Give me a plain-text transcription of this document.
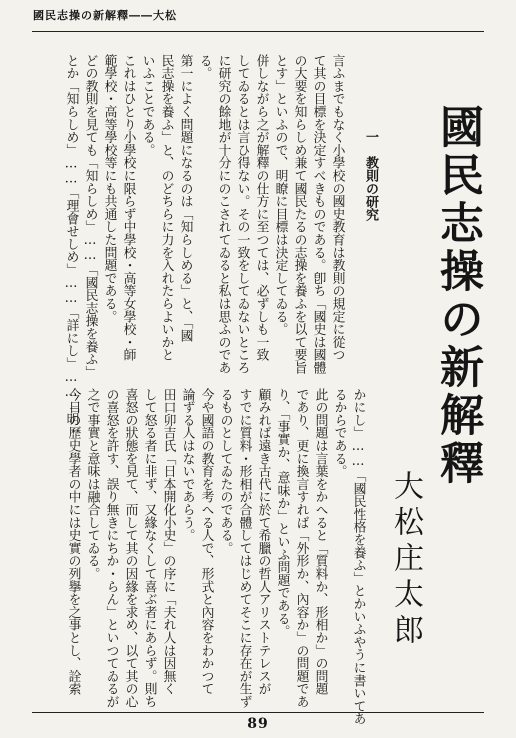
國民志操の新解釋――大松
國民志操の新解釋
大松庄太郎
一　教則の研究
言ふまでもなく小學校の國史教育は教則の規定に從つ
て其の目標を決定すべきものである。卽ち「國史は國體
の大要を知らしめ兼て國民たるの志操を養ふを以て要旨
とす」といふので、明瞭に目標は決定してゐる。
併しながら之が解釋の仕方に至つては、必ずしも一致
してゐるとは言ひ得ない。その一致をしてゐないところ
に研究の餘地が十分にのこされてゐると私は思ふのであ
る。
第一によく問題になるのは「知らしめる」と、「國
民志操を養ふ」と、のどちらに力を入れたらよいかと
いふことである。
これはひとり小學校に限らず中學校・高等女學校・師
範學校・高等學校等にも共通した問題である。
どの教則を見ても「知らしめ」……「國民志操を養ふ」
とか「知らしめ」……「理會せしめ」……「詳にし」……「明
かにし」……「國民性格を養ふ」とかいふやうに書いてあ
るからである。
此の問題は言葉をかへると「質料か、形相か」の問題
であり、更に換言すれば「外形か、內容か」の問題であ
り、「事實か、意味か」といふ問題である。
顧みれば遠き古代に於て希臘の哲人アリストテレスが
すでに質料・形相が合體してはじめてそこに存在が生ず
るものとしてゐたのである。
今や國語の教育を考へる人で、形式と內容をわかつて
論ずる人はないであらう。
田口卯吉氏「日本開化小史」の序に「夫れ人は因無く
して怒る者に非ず、又緣なくして喜ぶ者にあらず。則ち
喜怒の狀態を見て、而して其の因緣を求め、以て其の心
の喜怒を許す、誤り無きにちか・らん」といつてゐるが
之で事實と意味は融合してゐる。
今日の歷史學者の中には史實の列擧を之事とし、詮索
89
